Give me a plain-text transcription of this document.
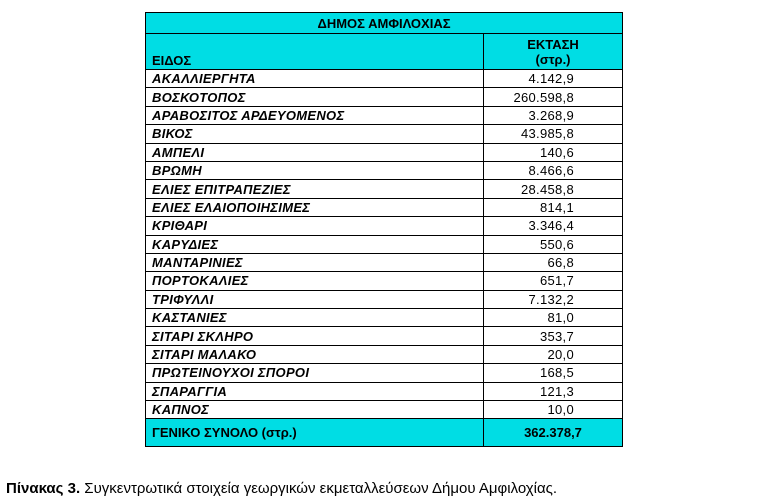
ΔΗΜΟΣ ΑΜΦΙΛΟΧΙΑΣ	
ΕΙΔΟΣ	ΕΚΤΑΣΗ
(στρ.)
ΑΚΑΛΛΙΕΡΓΗΤΑ	4.142,9
ΒΟΣΚΟΤΟΠΟΣ	260.598,8
ΑΡΑΒΟΣΙΤΟΣ ΑΡΔΕΥΟΜΕΝΟΣ	3.268,9
ΒΙΚΟΣ	43.985,8
ΑΜΠΕΛΙ	140,6
ΒΡΩΜΗ	8.466,6
ΕΛΙΕΣ ΕΠΙΤΡΑΠΕΖΙΕΣ	28.458,8
ΕΛΙΕΣ ΕΛΑΙΟΠΟΙΗΣΙΜΕΣ	814,1
ΚΡΙΘΑΡΙ	3.346,4
ΚΑΡΥΔΙΕΣ	550,6
ΜΑΝΤΑΡΙΝΙΕΣ	66,8
ΠΟΡΤΟΚΑΛΙΕΣ	651,7
ΤΡΙΦΥΛΛΙ	7.132,2
ΚΑΣΤΑΝΙΕΣ	81,0
ΣΙΤΑΡΙ ΣΚΛΗΡΟ	353,7
ΣΙΤΑΡΙ ΜΑΛΑΚΟ	20,0
ΠΡΩΤΕΙΝΟΥΧΟΙ ΣΠΟΡΟΙ	168,5
ΣΠΑΡΑΓΓΙΑ	121,3
ΚΑΠΝΟΣ	10,0
ΓΕΝΙΚΟ ΣΥΝΟΛΟ (στρ.)	362.378,7
Πίνακας 3. Συγκεντρωτικά στοιχεία γεωργικών εκμεταλλεύσεων Δήμου Αμφιλοχίας.
